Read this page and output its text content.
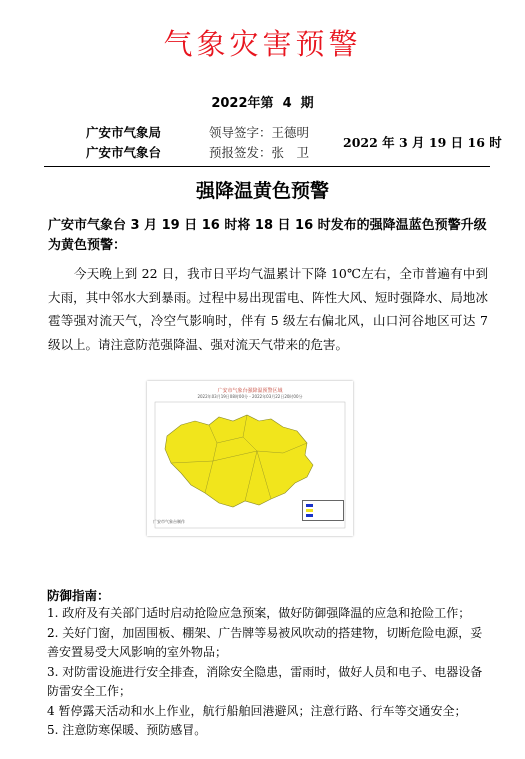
气象灾害预警
2022年第 4 期
广安市气象局
广安市气象台
领导签字：王德明
预报签发：张　卫
2022 年 3 月 19 日 16 时
强降温黄色预警
广安市气象台 3 月 19 日 16 时将 18 日 16 时发布的强降温蓝色预警升级为黄色预警：
今天晚上到 22 日，我市日平均气温累计下降 10℃左右，全市普遍有中到大雨，其中邻水大到暴雨。过程中易出现雷电、阵性大风、短时强降水、局地冰雹等强对流天气，冷空气影响时，伴有 5 级左右偏北风，山口河谷地区可达 7 级以上。请注意防范强降温、强对流天气带来的危害。
广安市气象台强降温预警区域
2022年03月19日08时00分 - 2022年03月22日20时00分
广安市气象台制作
防御指南：

1. 政府及有关部门适时启动抢险应急预案，做好防御强降温的应急和抢险工作；

2. 关好门窗，加固围板、棚架、广告牌等易被风吹动的搭建物，切断危险电源，妥善安置易受大风影响的室外物品；

3. 对防雷设施进行安全排查，消除安全隐患，雷雨时，做好人员和电子、电器设备防雷安全工作；

4 暂停露天活动和水上作业，航行船舶回港避风；注意行路、行车等交通安全；

5. 注意防寒保暖、预防感冒。
